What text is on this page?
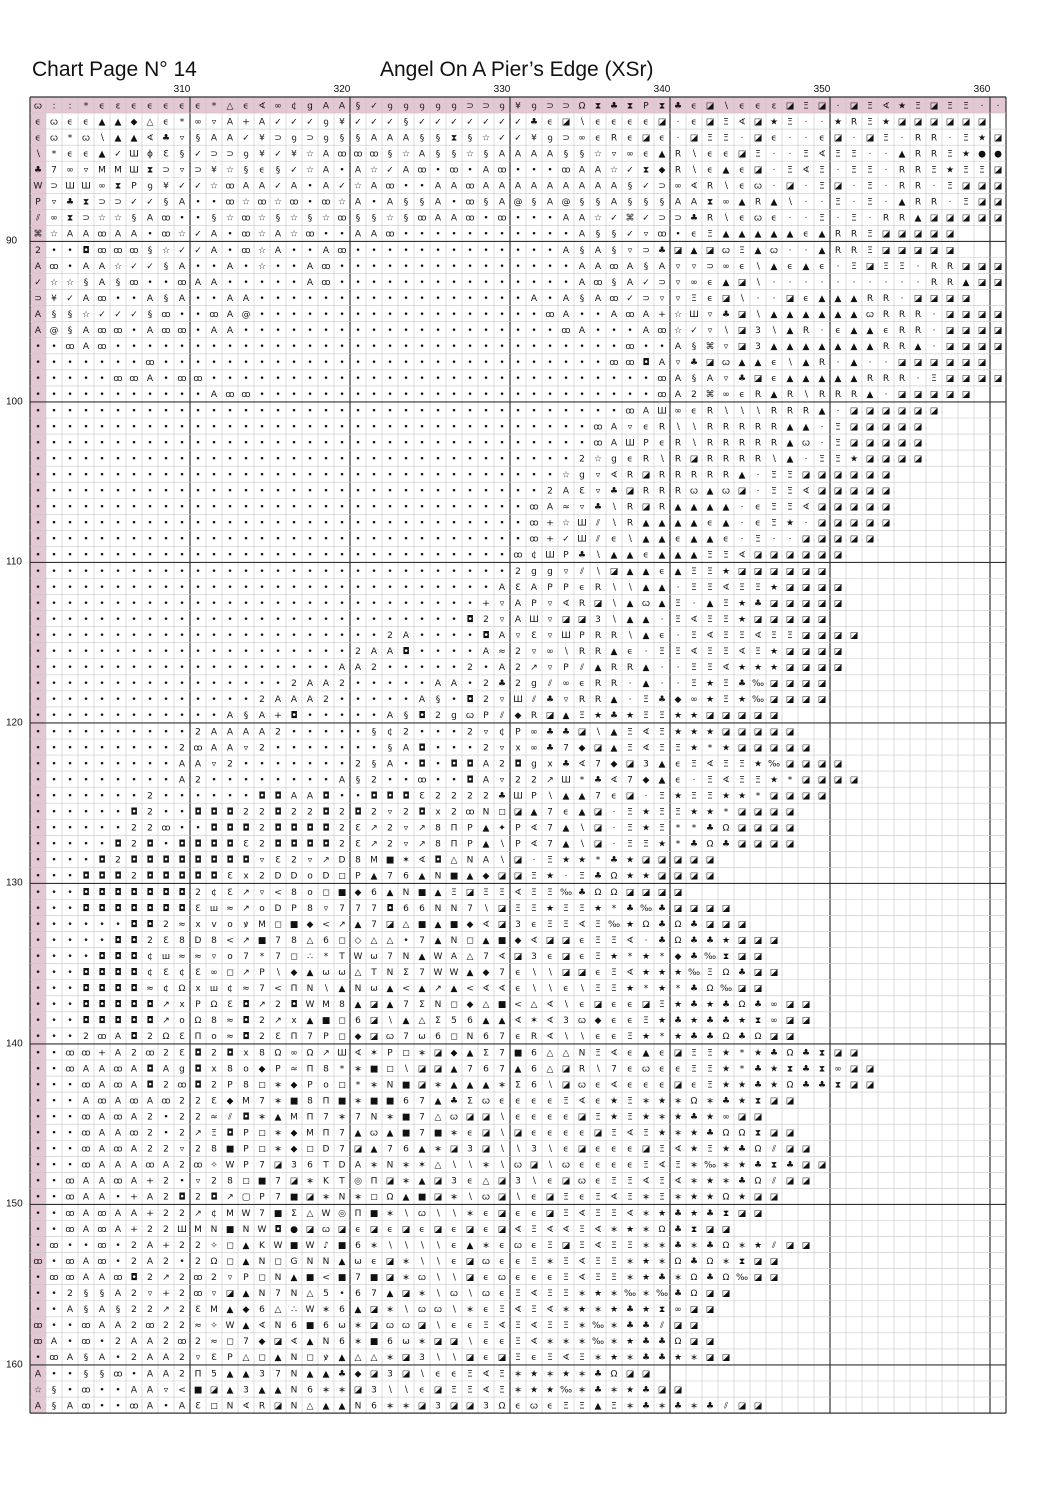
Chart Page N° 14	Angel On A Pier’s Edge (XSr)
310	320	330	340	350	360
90
100
110
120
130
140
150
160
ꞷ : : * ϵ ɛ ϵ ϵ ϵ ϵ ϵ * △ ϵ ∢ ∞ ¢ g A A § ✓ ꝯ ꝯ ꝯ ꝯ ꝯ ⊃ ⊃ ꝯ ¥ ꝯ ⊃ ⊃ Ω ⧗ ♣ ⧗ P ⧗ ♣ ϵ ◪ ∖ ϵ ϵ ɛ ◪ Ξ ◪ · ◪ Ξ ∢ ★ Ξ ◪ Ξ Ξ · ·
ϵ ꞷ ϵ ϵ ▲ ▲ ◆ △ ϵ * ∞ ▿ A + A ✓ ✓ ✓ ꝯ ¥ ✓ ✓ ✓ § ✓ ✓ ✓ ✓ ✓ ✓ ✓ ♣ ϵ ◪ ∖ ϵ ϵ ϵ ϵ ◪ · ϵ ◪ Ξ ∢ ◪ ★ Ξ · · ★ R Ξ ★ ◪ ◪ ◪ ◪ ◪ ◪
ϵ ꞷ * ꞷ ∖ ▲ ▲ ∢ ♣ ▿ § A A ✓ ¥ ⊃ ꝯ ⊃ ꝯ § § A A A § § ⧗ § ☆ ✓ ✓ ¥ ꝯ ⊃ ∞ ϵ R ϵ ◪ ϵ · ◪ Ξ Ξ · ◪ ϵ · · ϵ ◪ · ◪ Ξ · R R · Ξ ★ ◪
∖ * ϵ ϵ ▲ ✓ Ш ϕ Ɛ § ✓ ⊃ ⊃ ꝯ ¥ ✓ ¥ ☆ A ꝏ ꝏ ꝏ § ☆ A § § ☆ § A A A A § § ☆ ▿ ∞ ϵ ▲ R ∖ ϵ ϵ ◪ Ξ · · Ξ ∢ Ξ Ξ · · ▲ R R Ξ ★ ● ●
♣ 7 ∞ ▿ M M Ш ⧗ ⊃ ▿ ⊃ ¥ ☆ § ϵ § ✓ ☆ A • A ☆ ✓ A ꝏ • ꝏ • A ꝏ • • • ꝏ A A ☆ ✓ ⧗ ◆ R ∖ ϵ ▲ ϵ ◪ · Ξ ∢ Ξ · Ξ Ξ · R R Ξ ★ Ξ Ξ ◪
W ⊃ Ш Ш ∞ ⧗ P ꝯ ¥ ✓ ✓ ☆ ꝏ A A ✓ A • A ✓ ☆ A ꝏ • • A A ꝏ A A A A A A A A A § ✓ ⊃ ∞ ∢ R ∖ ϵ ꞷ · ◪ · Ξ ◪ · Ξ · R R · Ξ ◪ ◪ ◪
P ▿ ♣ ⧗ ⊃ ⊃ ✓ ✓ § A • • ꝏ ☆ ꝏ ☆ ꝏ • ꝏ ☆ A • A § § A • ꝏ § A @ § A @ § § A § § § A A ⧗ ∞ ▲ R ▲ ∖ · · Ξ · Ξ · ▲ R R · Ξ ◪ ◪
⫽ ∞ ⧗ ⊃ ☆ ☆ § A ꝏ • • § ☆ ꝏ ☆ § ☆ § ☆ ꝏ § § ☆ § ꝏ A A ꝏ • ꝏ • • • A A ☆ ✓ ⌘ ✓ ⊃ ⊃ ♣ R ∖ ϵ ꞷ ϵ · · Ξ · Ξ · R R ▲ ◪ ◪ ◪ ◪ ◪
⌘ ☆ A A ꝏ A A • ꝏ ☆ ✓ A • ꝏ ☆ A ☆ ꝏ • • A A ꝏ • • • • • • • • • • • A § § ✓ ▿ ꝏ • ϵ Ξ ▲ ▲ ▲ ▲ ▲ ϵ ▲ R R Ξ ◪ ◪ ◪ ◪ ◪
2 • • ◘ ꝏ ꝏ ꝏ § ☆ ✓ ✓ A • ꝏ ☆ A • • A ꝏ • • • • • • • • • • • • • A § A § ▿ ⊃ ♣ ◪ ▲ ◪ ꞷ Ξ ▲ ꞷ · · ▲ R R Ξ ◪ ◪ ◪ ◪ ◪
A ꝏ • A A ☆ ✓ ✓ § A • • A • ☆ • • A ꝏ • • • • • • • • • • • • • • • A A ꝏ A § A ▿ ▿ ⊃ ∞ ϵ ∖ ▲ ϵ ▲ ϵ · Ξ ◪ Ξ Ξ · R R ◪ ◪ ◪
✓ ☆ ☆ § A § ꝏ • • ꝏ A A • • • • • A ꝏ • • • • • • • • • • • • • • • A ꝏ § A ✓ ⊃ ▿ ∞ ϵ ▲ ◪ ∖ · · · · · · · · · · R R ▲ ◪ ◪
⊃ ¥ ✓ A ꝏ • • A § A • • A A • • • • • • • • • • • • • • • • • A • A § A ꝏ ✓ ⊃ ▿ ▿ Ξ ϵ ◪ ∖ · · ◪ ϵ ▲ ▲ ▲ R R · ◪ ◪ ◪ ◪
A § § ☆ ✓ ✓ ✓ § ꝏ • • ꝏ A @ • • • • • • • • • • • • • • • • • • ꝏ A • • A ꝏ A + ☆ Ш ▿ ♣ ◪ ∖ ▲ ▲ ▲ ▲ ▲ ▲ ꞷ R R R · ◪ ◪ ◪ ◪
A @ § A ꝏ ꝏ • A ꝏ ꝏ • A A • • • • • • • • • • • • • • • • • • • • ꝏ A • • • A ꝏ ☆ ✓ ▿ ∖ ◪ 3 ∖ ▲ R · ϵ ▲ ▲ ϵ R R · ◪ ◪ ◪ ◪
• • ꝏ A ꝏ • • • • • • • • • • • • • • • • • • • • • • • • • • • • • • • • ꝏ • • A § ⌘ ▿ ◪ 3 ▲ ▲ ▲ ▲ ▲ ▲ ▲ R R ▲ · ◪ ◪ ◪ ◪
• • • • • • • ꝏ • • • • • • • • • • • • • • • • • • • • • • • • • • • • ꝏ ꝏ ◘ A ▿ ♣ ◪ ꞷ ▲ ▲ ϵ ∖ ▲ R · ▲ · · ◪ ◪ ◪ ◪ ◪ ◪
• • • • • ꝏ ꝏ A • ꝏ ꝏ • • • • • • • • • • • • • • • • • • • • • • • • • • • • ꝏ A § A ▿ ♣ ◪ ϵ ▲ ▲ ▲ ▲ ▲ R R R · Ξ ◪ ◪ ◪ ◪
• • • • • • • • • • • A ꝏ ꝏ • • • • • • • • • • • • • • • • • • • • • • • • • ꝏ A 2 ⌘ ∞ ϵ R ▲ R ∖ R R R ▲ · ◪ ◪ ◪ ◪ ◪
• • • • • • • • • • • • • • • • • • • • • • • • • • • • • • • • • • • • • ꝏ A Ш ∞ ϵ R ∖ ∖ ∖ R R R ▲ · ◪ ◪ ◪ ◪ ◪ ◪
• • • • • • • • • • • • • • • • • • • • • • • • • • • • • • • • • • • ꝏ A ▿ ϵ R ∖ ∖ R R R R R ▲ ▲ · Ξ ◪ ◪ ◪ ◪ ◪
• • • • • • • • • • • • • • • • • • • • • • • • • • • • • • • • • • • ꝏ A Ш P ϵ R ∖ R R R R R ▲ ꞷ · Ξ ◪ ◪ ◪ ◪ ◪
• • • • • • • • • • • • • • • • • • • • • • • • • • • • • • • • • • 2 ☆ g ϵ R ∖ R ◪ R R R R ∖ ▲ · Ξ Ξ ★ ◪ ◪ ◪ ◪
• • • • • • • • • • • • • • • • • • • • • • • • • • • • • • • • • ☆ g ▿ ∢ R ◪ R R R R R ▲ · Ξ Ξ ◪ ◪ ◪ ◪ ◪ ◪
• • • • • • • • • • • • • • • • • • • • • • • • • • • • • • • • 2 A Ɛ ▿ ♣ ◪ R R R ꞷ ▲ ꞷ ◪ · Ξ Ξ ∢ ◪ ◪ ◪ ◪ ◪
• • • • • • • • • • • • • • • • • • • • • • • • • • • • • • • ꝏ A ≈ ▿ ♣ ∖ R ◪ R ▲ ▲ ▲ ▲ · ϵ Ξ Ξ ∢ ◪ ◪ ◪ ◪ ◪
• • • • • • • • • • • • • • • • • • • • • • • • • • • • • • • ꝏ + ☆ Ш ⫽ ∖ R ▲ ▲ ▲ ▲ ϵ ▲ · ϵ Ξ ★ · ◪ ◪ ◪ ◪ ◪
• • • • • • • • • • • • • • • • • • • • • • • • • • • • • • • ꝏ + ✓ Ш ⫽ ϵ ∖ ▲ ▲ ϵ ▲ ▲ ϵ · Ξ · · ◪ ◪ ◪ ◪ ◪
• • • • • • • • • • • • • • • • • • • • • • • • • • • • • • ꝏ ¢ Ш P ♣ ∖ ▲ ▲ ϵ ▲ ▲ ▲ Ξ Ξ ∢ ◪ ◪ ◪ ◪ ◪ ◪
• • • • • • • • • • • • • • • • • • • • • • • • • • • • • • 2 g g ▿ ⫽ ∖ ◪ ▲ ▲ ϵ ▲ Ξ Ξ ★ ◪ ◪ ◪ ◪ ◪ ◪
• • • • • • • • • • • • • • • • • • • • • • • • • • • • • A Ɛ A P P ϵ R ∖ ∖ ▲ ▲ · Ξ Ξ ∢ Ξ Ξ ★ ◪ ◪ ◪ ◪
• • • • • • • • • • • • • • • • • • • • • • • • • • • • + ▿ A P ▿ ∢ R ◪ ∖ ▲ ꞷ ▲ Ξ · ▲ Ξ ★ ♣ ◪ ◪ ◪ ◪ ◪
• • • • • • • • • • • • • • • • • • • • • • • • • • • ◘ 2 ▿ A Ш ▿ ◪ ◪ 3 ∖ ▲ ▲ · Ξ ∢ Ξ Ξ ★ ◪ ◪ ◪ ◪ ◪
• • • • • • • • • • • • • • • • • • • • • • 2 A • • • • ◘ A ▿ Ɛ ▿ Ш P R R ∖ ▲ ϵ · Ξ ∢ Ξ Ξ ∢ Ξ Ξ ◪ ◪ ◪ ◪
• • • • • • • • • • • • • • • • • • • • 2 A A ◘ • • • • A ≈ 2 ▿ ∞ ∖ R R ▲ ϵ · Ξ Ξ ∢ Ξ Ξ ∢ Ξ ★ ◪ ◪ ◪ ◪
• • • • • • • • • • • • • • • • • • • A A 2 • • • • • 2 • A 2 ↗ ▿ P ⫽ ▲ R R ▲ · · Ξ Ξ ∢ ★ ★ ★ ◪ ◪ ◪ ◪
• • • • • • • • • • • • • • • • 2 A A 2 • • • • • A A • 2 ♣ 2 g ⫽ ∞ ϵ R R · ▲ · · Ξ ★ Ξ ♣ ‰ ◪ ◪ ◪ ◪
• • • • • • • • • • • • • • 2 A A A 2 • • • • • A § • ◘ 2 ▿ Ш ⫽ ♣ ▿ R R ▲ · Ξ ♣ ◆ ∞ ★ Ξ ★ ‰ ◪ ◪ ◪ ◪
• • • • • • • • • • • • A § A + ◘ • • • • • A § ◘ 2 g ꞷ P ⫽ ◆ R ◪ ▲ Ξ ★ ♣ ★ Ξ Ξ ★ ★ ◪ ◪ ◪ ◪ ◪
• • • • • • • • • • 2 A A A A 2 • • • • • § ¢ 2 • • • 2 ▿ ¢ P ∞ ♣ ♣ ◪ ∖ ▲ Ξ ∢ Ξ ★ ★ ★ ◪ ◪ ◪ ◪ ◪
• • • • • • • • • 2 ꝏ A A ▿ 2 • • • • • • • § A ◘ • • • 2 ▿ x ∞ ♣ 7 ◆ ◪ ▲ Ξ ∢ Ξ Ξ ★ * ★ ◪ ◪ ◪ ◪ ◪
• • • • • • • • • A A ▿ 2 • • • • • • • 2 § A • ◘ • ◘ ◘ A 2 ◘ g x ♣ ∢ 7 ◆ ◪ 3 ▲ ϵ Ξ ∢ Ξ Ξ ★ ‰ ◪ ◪ ◪ ◪
• • • • • • • • • A 2 • • • • • • • • A § 2 • • ꝏ • • ◘ A ▿ 2 2 ↗ Ш * ♣ ∢ 7 ◆ ▲ ϵ · Ξ ∢ Ξ Ξ ★ * ◪ ◪ ◪ ◪
• • • • • • • 2 • • • • • • ◘ ◘ A A ◘ • • ◘ ◘ ◘ Ɛ 2 2 2 2 ♣ Ш P ∖ ▲ ▲ 7 ϵ ◪ · Ξ ★ Ξ Ξ ★ ★ * ◪ ◪ ◪ ◪
• • • • • • ◘ 2 • • ◘ ◘ ◘ 2 2 ◘ 2 2 ◘ 2 ◘ 2 ▿ 2 ◘ x 2 ꝏ N ◻ ◪ ▲ 7 ϵ ▲ ◪ · Ξ ★ Ξ Ξ ★ ★ * ◪ ◪ ◪ ◪
• • • • • • 2 2 ꝏ • • ◘ ◘ ◘ 2 ◘ ◘ ◘ ◘ 2 Ɛ ↗ 2 ▿ ↗ 8 Π P ▲ ✦ P ∢ 7 ▲ ∖ ◪ · Ξ ★ Ξ * * ♣ Ω ◪ ◪ ◪ ◪
• • • • • ◘ 2 ◘ • ◘ ◘ ◘ ◘ Ɛ 2 ◘ ◘ ◘ ◘ 2 Ɛ ↗ 2 ▿ ↗ 8 Π P ▲ ∖ P ∢ 7 ▲ ∖ ◪ · Ξ Ξ ★ * ♣ Ω ♣ ◪ ◪ ◪ ◪
• • • • ◘ 2 ◘ ◘ ◘ ◘ ◘ ◘ ◘ ◘ ▿ Ɛ 2 ▿ ↗ D 8 M ■ ✶ ∢ ◘ △ N A ∖ ◪ · Ξ ★ ★ * ♣ ★ ◪ ◪ ◪ ◪ ◪
• • • ◘ ◘ ◘ 2 ◘ ◘ ◘ ◘ ◘ Ɛ x 2 D D o D ◻ P ▲ 7 6 ▲ N ■ ▲ ◆ ◪ ◪ Ξ ★ · Ξ ♣ Ω ★ ★ ◪ ◪ ◪ ◪
• • • ◘ ◘ ◘ ◘ ◘ ◘ ◘ 2 ¢ Ɛ ↗ ▿ < 8 o ◻ ■ ◆ 6 ▲ N ■ ▲ Ξ ◪ Ξ Ξ ∢ Ξ Ξ ‰ ♣ Ω Ω ◪ ◪ ◪ ◪
• • • ◘ ◘ ◘ ◘ ◘ ◘ ◘ Ɛ ш ≈ ↗ o D P 8 ▿ 7 7 7 ◘ 6 6 N N 7 ∖ ◪ Ξ Ξ ★ Ξ Ξ ★ * ♣ ‰ ♣ ◪ ◪ ◪ ◪
• • • • • • ◘ ◘ 2 ≈ x v o ꝟ M ◻ ■ ◆ < ↗ ▲ 7 ◪ △ ■ ▲ ■ ◆ ∢ ◪ 3 ϵ Ξ Ξ ∢ Ξ ‰ ★ Ω ♣ Ω ♣ ◪ ◪ ◪
• • • • • ◘ ◘ 2 Ɛ 8 D 8 < ↗ ■ 7 8 △ 6 ◻ ◇ △ △ • 7 ▲ N ◻ ▲ ■ ◆ ∢ ◪ ◪ ϵ Ξ Ξ ∢ · ♣ Ω ♣ ♣ ★ ◪ ◪ ◪
• • • • ◘ ◘ ◘ ¢ ш ≈ ≈ ▿ o 7 * 7 ◻ ∴ * T W ω 7 N ▲ W A △ 7 ∢ ◪ 3 ϵ ◪ ϵ Ξ ★ * ★ * ◆ ♣ ‰ ⧗ ◪ ◪
• • • ◘ ◘ ◘ ◘ ¢ Ɛ ¢ Ɛ ∞ ◻ ↗ P ∖ ◆ ▲ ω ω △ T N Σ 7 W W ▲ ◆ 7 ϵ ∖ ∖ ◪ ◪ ϵ Ξ ∢ ★ ★ ★ ‰ Ξ Ω ♣ ◪ ◪
• • • ◘ ◘ ◘ ◘ ≈ ¢ Ω x ш ¢ ≈ 7 < Π N ∖ ▲ N ω ▲ < ▲ ↗ ▲ < ∢ ∢ ϵ ∖ ∖ ϵ ∖ Ξ Ξ ★ * ★ * ♣ Ω ‰ ◪ ◪
• • • ◘ ◘ ◘ ◘ ◘ ↗ x P Ω Ɛ ◘ ↗ 2 ◘ W M 8 ▲ ◪ ▲ 7 Σ N ◻ ◆ △ ■ < △ ∢ ∖ ϵ ◪ ϵ ϵ ◪ Ξ ★ ♣ ★ ♣ Ω ♣ ∞ ◪ ◪
• • • ◘ ◘ ◘ ◘ ◘ ↗ o Ω 8 ≈ ◘ 2 ↗ x ▲ ■ ◻ 6 ◪ ∖ ▲ △ Σ 5 6 ▲ ▲ ∢ ✶ ∢ 3 ꞷ ◆ ϵ ϵ Ξ ★ ♣ ★ ♣ ♣ ★ ⧗ ∞ ◪ ◪
• • • 2 ꝏ A ◘ 2 Ω Ɛ Π o ≈ ◘ 2 Ɛ Π 7 P ◻ ◆ ◪ ꞷ 7 ω 6 ◻ N 6 7 ϵ R ∢ ∖ ∖ ϵ ϵ Ξ ★ * ★ ♣ ♣ Ω ♣ Ω ◪ ◪
• • ꝏ ꝏ + A 2 ꝏ 2 Ɛ ◘ 2 ◘ x 8 Ω ∞ Ω ↗ Ш ∢ ✶ P ◻ ∗ ◪ ◆ ▲ Σ 7 ■ 6 △ △ N Ξ ∢ ϵ ▲ ϵ ◪ Ξ Ξ ★ * ★ ♣ Ω ♣ ⧗ ◪ ◪
• • ꝏ A A ꝏ A ◘ A g ◘ x 8 o ◆ P ≈ Π 8 * ∗ ■ ◻ ∖ ◪ ◪ ▲ 7 6 7 ▲ 6 △ ◪ R ∖ 7 ϵ ꞷ ϵ ϵ Ξ Ξ ★ * ♣ ★ ⧗ ♣ ⧗ ∞ ◪ ◪
• • • ꝏ A ꝏ A ◘ 2 ꝏ ◘ 2 P 8 ◻ ∗ ◆ P o ◻ * ∗ N ■ ◪ ∗ ▲ ▲ ▲ ∗ Σ 6 ∖ ◪ ꞷ ϵ ∢ ϵ ϵ ϵ ◪ ϵ Ξ ★ ★ ♣ ★ Ω ♣ ♣ ⧗ ◪ ◪
• • • A ꝏ A ꝏ A ꝏ 2 2 Ɛ ◆ M 7 ∗ ■ 8 Π ■ ∗ ■ ■ 6 7 ▲ ♣ Σ ꞷ ϵ ϵ ϵ ϵ Ξ ∢ ϵ ★ Ξ ∗ ★ ∗ Ω ∗ ♣ ★ ⧗ ◪ ◪
• • • ꝏ A ꝏ A 2 • 2 2 ≈ ⫽ ◘ ∗ ▲ M Π 7 ∗ 7 N ∗ ■ 7 △ ꞷ ◪ ◪ ∖ ϵ ϵ ϵ ϵ ◪ Ξ ★ Ξ ★ ∗ ★ ♣ ★ ∞ ◪ ◪
• • • ꝏ A A ꝏ 2 • 2 ↗ Ξ ◘ P ◻ ∗ ◆ M Π 7 ▲ ꞷ ▲ ■ 7 ■ ∗ ϵ ◪ ∖ ◪ ϵ ϵ ϵ ϵ ◪ Ξ ∢ Ξ ★ ∗ ★ ♣ Ω Ω ⧗ ◪ ◪
• • • ꝏ A ꝏ A 2 2 ▿ 2 8 ■ P ◻ ∗ ◆ ◻ D 7 ◪ ▲ 7 6 ▲ ∗ ◪ 3 ◪ ∖ ∖ 3 ∖ ϵ ◪ ϵ ϵ ϵ ◪ Ξ ∢ ★ Ξ ★ ♣ Ω ⫽ ◪ ◪
• • • ꝏ A A A ꝏ A 2 ꝏ ✧ W P 7 ◪ 3 6 T D A ∗ N ∗ ✶ △ ∖ ∖ ∗ ∖ ꞷ ◪ ∖ ꞷ ϵ ϵ ϵ ϵ Ξ ∢ Ξ ∗ ‰ ∗ ★ ♣ ⧗ ♣ ◪ ◪
• • ꝏ A A ꝏ A + 2 • ▿ 2 8 ◻ ■ 7 ◪ ∗ K T ◎ Π ◪ ∗ ▲ ◪ 3 ϵ △ ◪ 3 ∖ ϵ ◪ ꞷ ϵ Ξ Ξ ∢ Ξ ∢ ∗ ★ ∗ ♣ Ω ⫽ ◪ ◪
• • ꝏ A A • + A 2 ◘ 2 ◘ ↗ ▢ P 7 ■ ◪ ∗ N ∗ ◻ Ω ▲ ■ ◪ ∗ ∖ ꞷ ◪ ∖ ϵ ◪ Ξ ϵ Ξ ∢ Ξ ∗ Ξ ∗ ★ ★ Ω ★ ◪ ◪
• • ꝏ A ꝏ A A + 2 2 ↗ ¢ M W 7 ■ Σ △ W ◎ Π ■ ∗ ∖ ꞷ ∖ ∖ ∗ ϵ ◪ ϵ ϵ ◪ Ξ ∢ Ξ Ξ ∢ ∗ ★ ♣ ★ ♣ ⧗ ◪ ◪
• • ꝏ A ꝏ A + 2 2 Ш M N ■ N W ◘ ● ◪ ꞷ ◪ ϵ ◪ ϵ ◪ ϵ ◪ ϵ ◪ ϵ ◪ ∢ Ξ ∢ ∢ Ξ ∢ ∗ ★ ∗ Ω ♣ ⧗ ◪ ◪
• ꝏ • • ꝏ • 2 A + 2 2 ✧ ◻ ▲ K W ■ W ♪ ■ 6 ∗ ∖ ∖ ∖ ∖ ϵ ▲ ∗ ϵ ꞷ ϵ Ξ ◪ Ξ ∢ Ξ Ξ ∗ ∗ ♣ ∗ ♣ Ω ∗ ★ ⫽ ◪ ◪
ꝏ • ꝏ A ꝏ • 2 A 2 • 2 Ω ◻ ▲ N ◻ G N N ▲ ω ϵ ◪ ∗ ∖ ∖ ϵ ◪ ꞷ ϵ ϵ Ξ ∗ Ξ ∢ Ξ Ξ ∗ ★ ∗ Ω ♣ Ω ∗ ⧗ ◪ ◪
• ꝏ ꝏ A A ꝏ ◘ 2 ↗ 2 ꝏ 2 ▿ P ◻ N ▲ ■ < ■ 7 ■ ◪ ∗ ꞷ ∖ ∖ ◪ ϵ ꞷ ϵ ϵ ϵ Ξ ∢ Ξ Ξ ∗ ★ ♣ ∗ Ω ♣ Ω ‰ ◪ ◪
• • 2 § § A 2 ▿ + 2 ꝏ ▿ ◪ ▲ N 7 N △ 5 • 6 7 ▲ ◪ ∗ ∖ ꞷ ∖ ꞷ ϵ Ξ ∢ Ξ Ξ ∗ ★ ∗ ‰ ∗ ‰ ♣ Ω ◪ ◪
• • A § A § 2 2 ↗ 2 Ɛ M ▲ ◆ 6 △ ∴ W ∗ 6 ▲ ◪ ∗ ∖ ꞷ ꞷ ∖ ∗ ϵ Ξ ∢ Ξ ∢ ∗ ★ ∗ ★ ♣ ★ ⧗ ∞ ◪ ◪
ꝏ • • ꝏ A A 2 ꝏ 2 2 ≈ ✧ W ▲ ∢ N 6 ■ 6 ω ∗ ◪ ꞷ ꞷ ◪ ∖ ϵ ϵ Ξ ∢ Ξ ∢ Ξ Ξ ∗ ‰ ∗ ♣ ♣ ⫽ ◪ ◪
ꝏ A • ꝏ • 2 A A 2 ꝏ 2 ≈ ◻ 7 ◆ ◪ ∢ ▲ N 6 ∗ ■ 6 ω ∗ ◪ ◪ ∖ ϵ ϵ Ξ ∢ ∗ ∗ ∗ ‰ ∗ ★ ♣ ♣ Ω ◪ ◪
• ꝏ A § A • 2 A A 2 ▿ Ɛ P △ ◻ ▲ N ◻ ꝟ ▲ △ △ ∗ ◪ 3 ∖ ∖ ◪ ϵ ◪ Ξ ϵ Ξ ∢ Ξ ∗ ★ ∗ ♣ ♣ ★ ∗ ◪ ◪
A • • § § ꝏ • A A 2 Π 5 ▲ ▲ 3 7 N ▲ ▲ ♣ ◆ ◪ 3 ◪ ∖ ϵ ϵ Ξ ∢ Ξ ∗ ★ ∗ ★ ∗ ♣ Ω ◪ ◪
☆ § • ꝏ • • A A ▿ < ■ ◪ ▲ 3 ▲ ▲ N 6 ∗ ∗ ◪ 3 ∖ ∖ ϵ ◪ Ξ Ξ ∢ Ξ ∗ ★ ★ ‰ ∗ ♣ ∗ ★ ♣ ◪ ◪
A § A ꝏ • • ꝏ A • A Ɛ ◻ N ∢ R ◪ N △ ▲ ▲ N 6 ∗ ∗ ◪ 3 ◪ ◪ 3 Ω ϵ ꞷ ϵ Ξ Ξ ▲ Ξ ∗ ♣ ∗ ♣ ∗ ♣ ⫽ ◪ ◪
